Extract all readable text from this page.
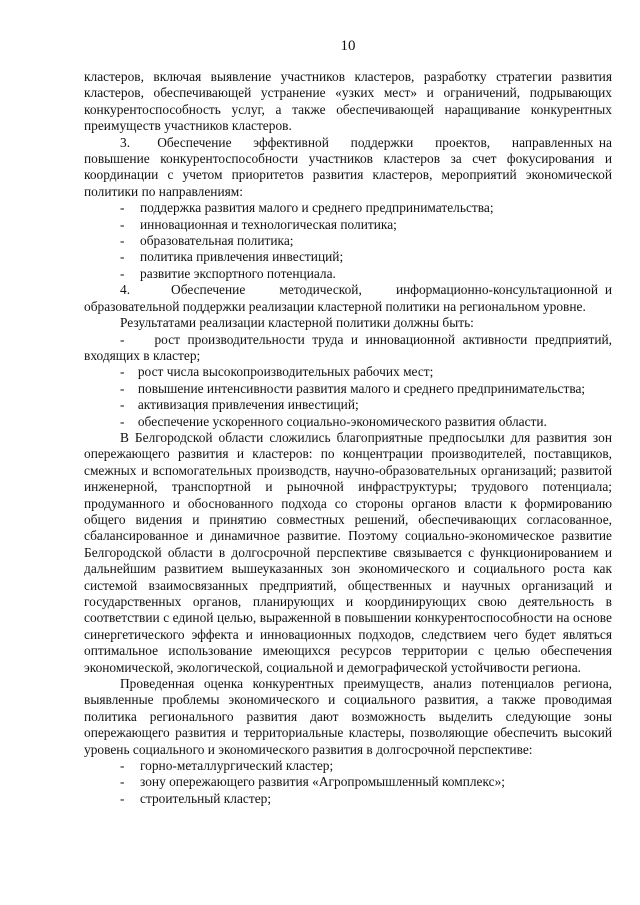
10

кластеров, включая выявление участников кластеров, разработку стратегии развития кластеров, обеспечивающей устранение «узких мест» и ограничений, подрывающих конкурентоспособность услуг, а также обеспечивающей наращивание конкурентных преимуществ участников кластеров.

3.     Обеспечение    эффективной    поддержки    проектов,    направленных на повышение конкурентоспособности участников кластеров за счет фокусирования и координации с учетом приоритетов развития кластеров, мероприятий экономической политики по направлениям:

- поддержка развития малого и среднего предпринимательства;
- инновационная и технологическая политика;
- образовательная политика;
- политика привлечения инвестиций;
- развитие экспортного потенциала.

4.      Обеспечение     методической,     информационно-консультационной и образовательной поддержки реализации кластерной политики на региональном уровне.

Результатами реализации кластерной политики должны быть:

-    рост производительности труда и инновационной активности предприятий, входящих в кластер;

-    рост числа высокопроизводительных рабочих мест;

-    повышение интенсивности развития малого и среднего предпринимательства;

-    активизация привлечения инвестиций;

-    обеспечение ускоренного социально-экономического развития области.

В Белгородской области сложились благоприятные предпосылки для развития зон опережающего развития и кластеров: по концентрации производителей, поставщиков, смежных и вспомогательных производств, научно-образовательных организаций; развитой инженерной, транспортной и рыночной инфраструктуры; трудового потенциала; продуманного и обоснованного подхода со стороны органов власти к формированию общего видения и принятию совместных решений, обеспечивающих согласованное, сбалансированное и динамичное развитие. Поэтому социально-экономическое развитие Белгородской области в долгосрочной перспективе связывается с функционированием и дальнейшим развитием вышеуказанных зон экономического и социального роста как системой взаимосвязанных предприятий, общественных и научных организаций и государственных органов, планирующих и координирующих свою деятельность в соответствии с единой целью, выраженной в повышении конкурентоспособности на основе синергетического эффекта и инновационных подходов, следствием чего будет являться оптимальное использование имеющихся ресурсов территории с целью обеспечения экономической, экологической, социальной и демографической устойчивости региона.

Проведенная оценка конкурентных преимуществ, анализ потенциалов региона, выявленные проблемы экономического и социального развития, а также проводимая политика регионального развития дают возможность выделить следующие зоны опережающего развития и территориальные кластеры, позволяющие обеспечить высокий уровень социального и экономического развития в долгосрочной перспективе:

- горно-металлургический кластер;
- зону опережающего развития «Агропромышленный комплекс»;
- строительный кластер;
